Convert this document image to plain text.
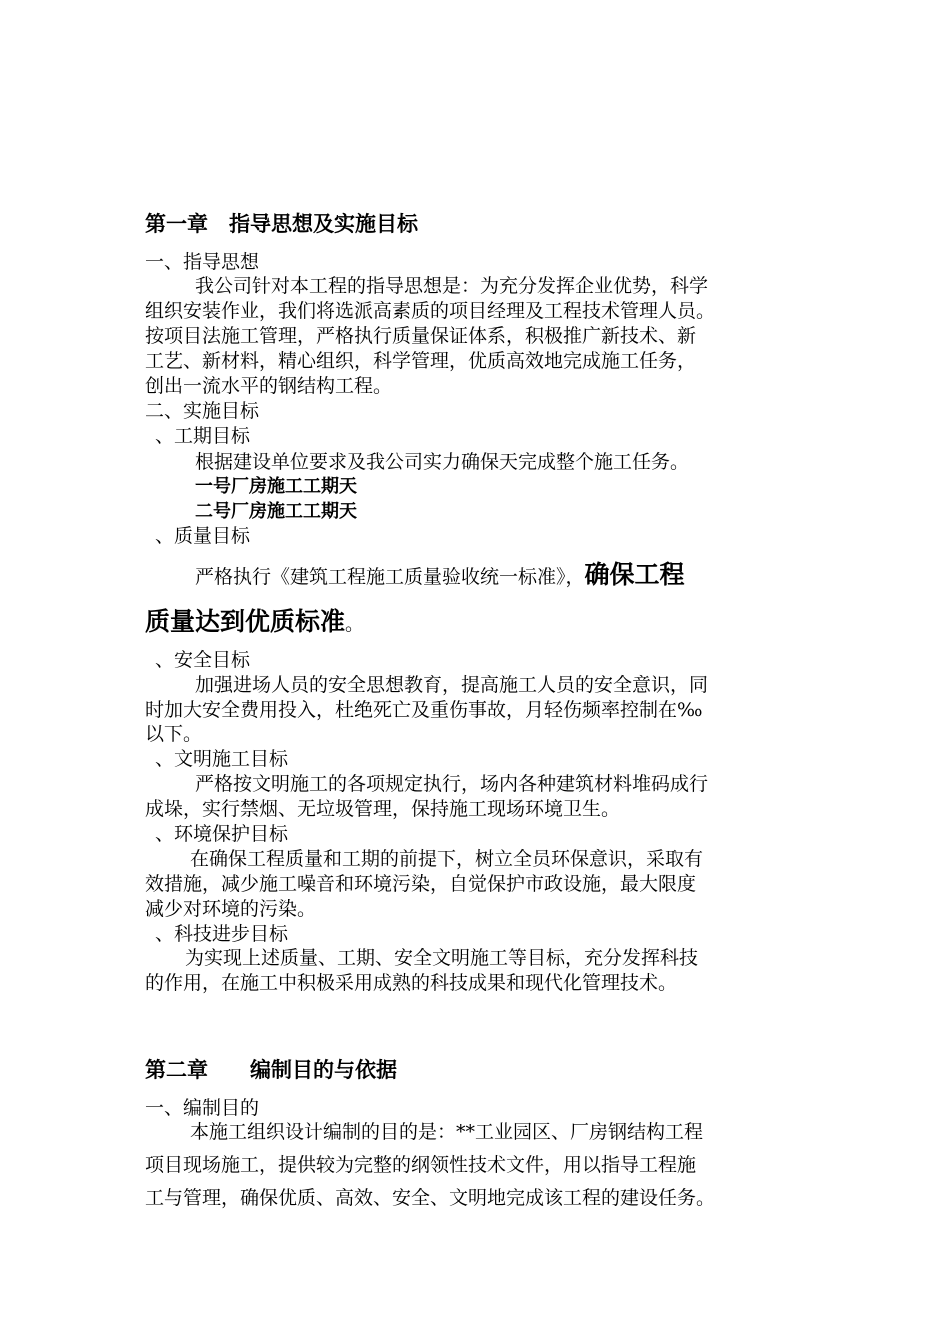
第一章　指导思想及实施目标
一、指导思想
我公司针对本工程的指导思想是：为充分发挥企业优势，科学
组织安装作业，我们将选派高素质的项目经理及工程技术管理人员。
按项目法施工管理，严格执行质量保证体系，积极推广新技术、新
工艺、新材料，精心组织，科学管理，优质高效地完成施工任务，
创出一流水平的钢结构工程。
二、实施目标
、工期目标
根据建设单位要求及我公司实力确保天完成整个施工任务。
一号厂房施工工期天
二号厂房施工工期天
、质量目标
严格执行《建筑工程施工质量验收统一标准》，确保工程
质量达到优质标准。
、安全目标
加强进场人员的安全思想教育，提高施工人员的安全意识，同
时加大安全费用投入，杜绝死亡及重伤事故，月轻伤频率控制在‰
以下。
、文明施工目标
严格按文明施工的各项规定执行，场内各种建筑材料堆码成行
成垛，实行禁烟、无垃圾管理，保持施工现场环境卫生。
、环境保护目标
在确保工程质量和工期的前提下，树立全员环保意识，采取有
效措施，减少施工噪音和环境污染，自觉保护市政设施，最大限度
减少对环境的污染。
、科技进步目标
为实现上述质量、工期、安全文明施工等目标，充分发挥科技
的作用，在施工中积极采用成熟的科技成果和现代化管理技术。
第二章　　编制目的与依据
一、编制目的
本施工组织设计编制的目的是：**工业园区、厂房钢结构工程
项目现场施工，提供较为完整的纲领性技术文件，用以指导工程施
工与管理，确保优质、高效、安全、文明地完成该工程的建设任务。
